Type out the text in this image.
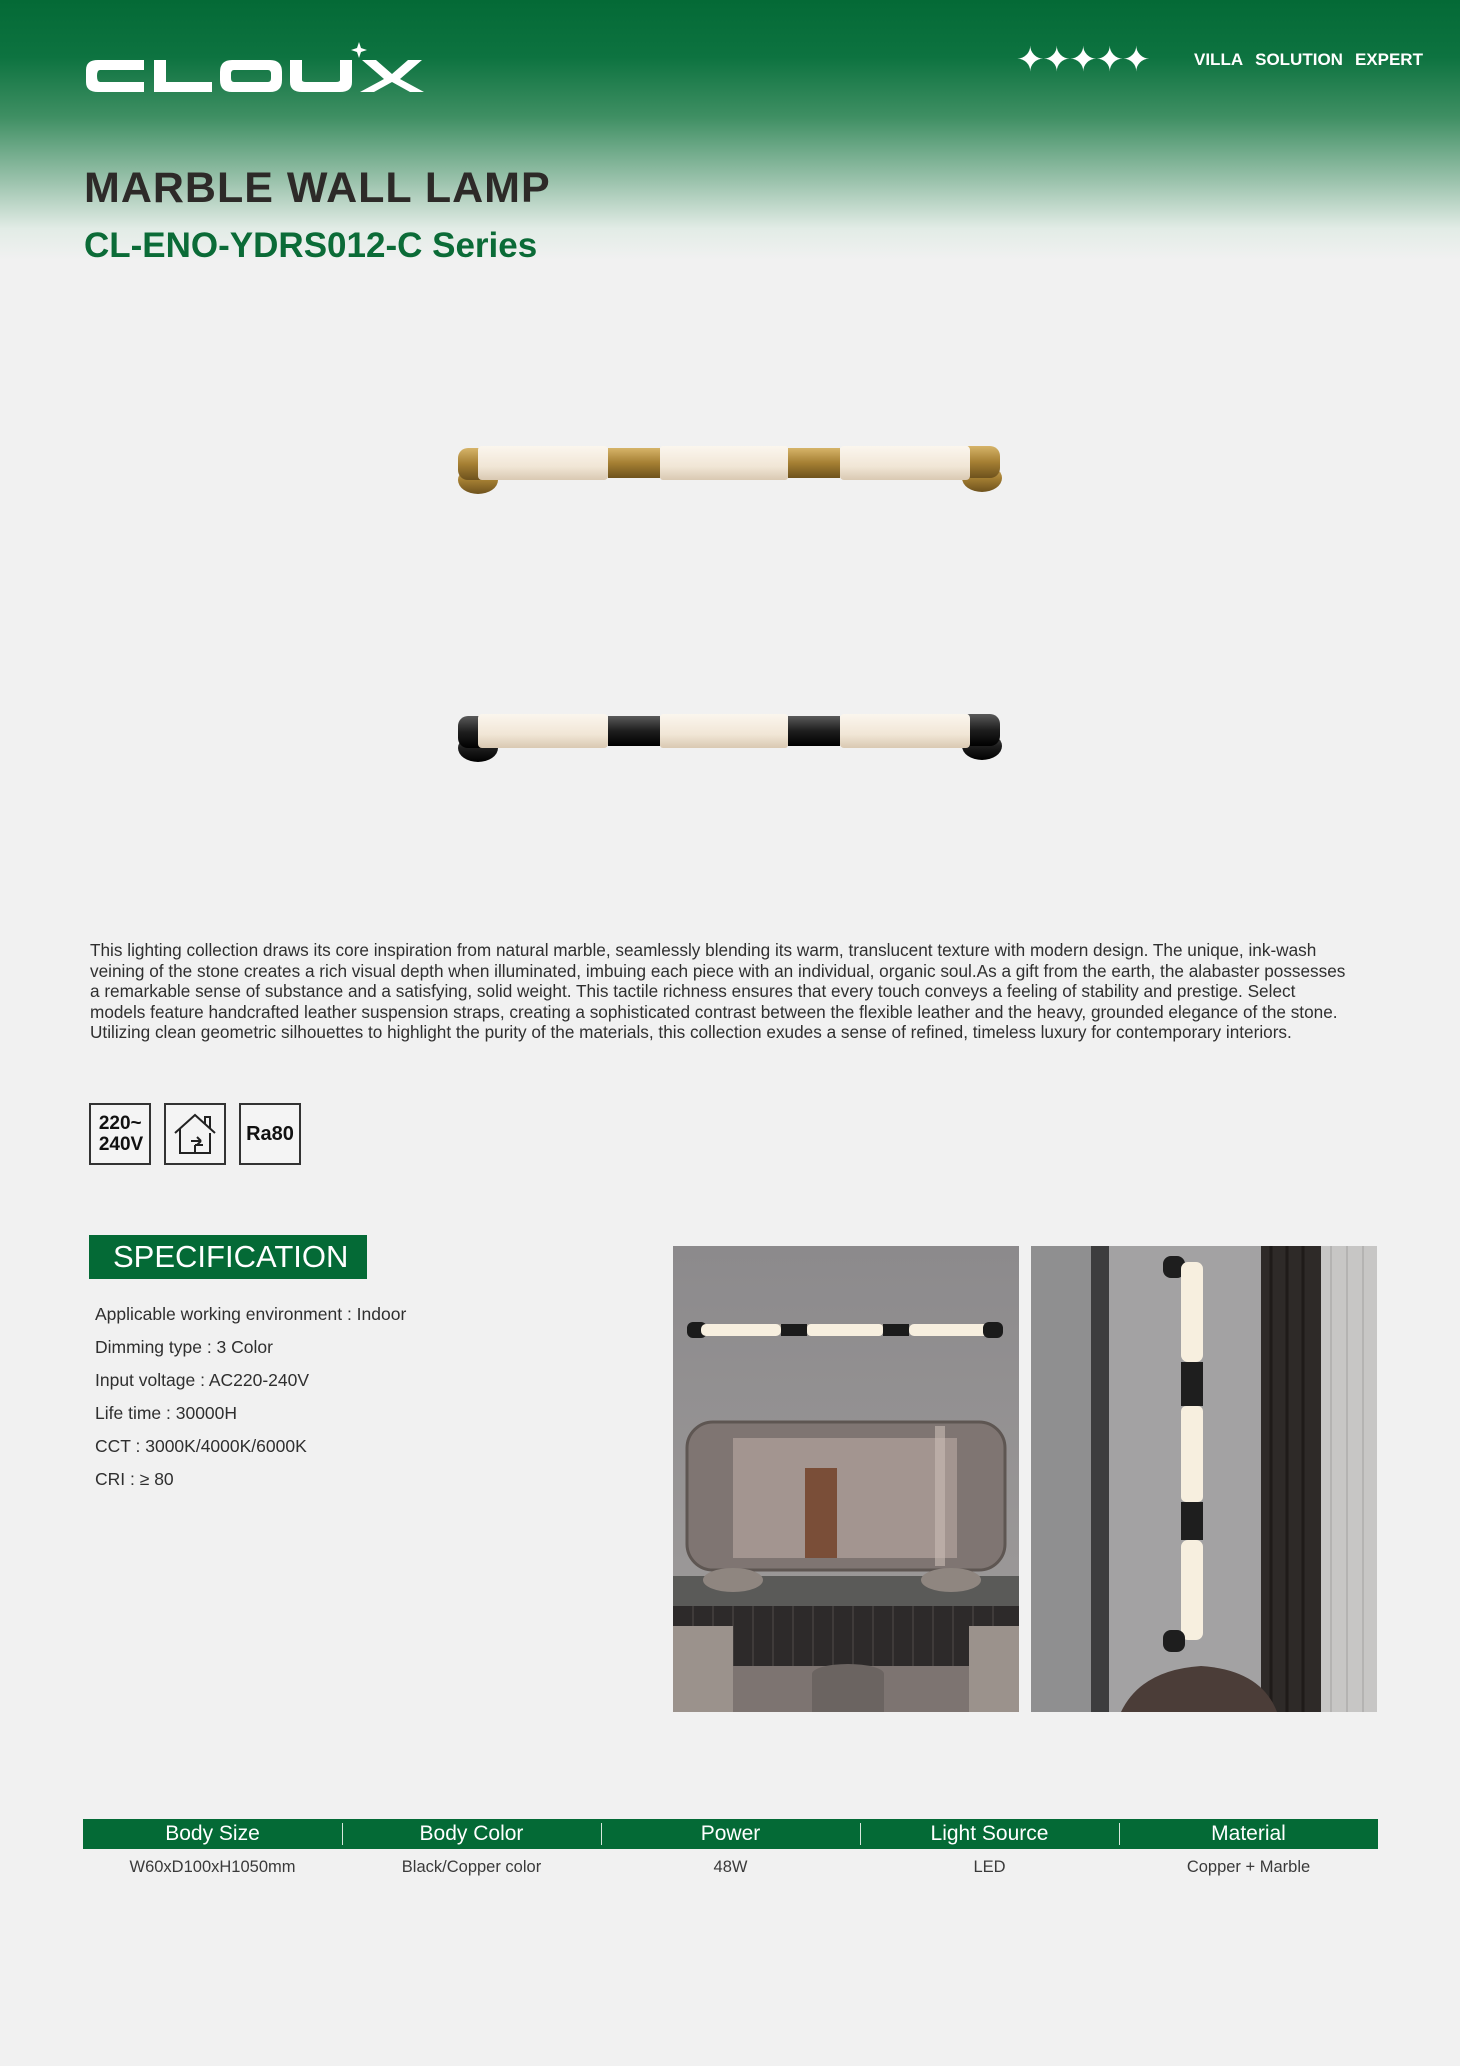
✦✦✦✦✦	VILLA SOLUTION EXPERT
MARBLE WALL LAMP
CL-ENO-YDRS012-C Series

This lighting collection draws its core inspiration from natural marble, seamlessly blending its warm, translucent texture with modern design. The unique, ink-wash veining of the stone creates a rich visual depth when illuminated, imbuing each piece with an individual, organic soul.As a gift from the earth, the alabaster possesses a remarkable sense of substance and a satisfying, solid weight. This tactile richness ensures that every touch conveys a feeling of stability and prestige. Select models feature handcrafted leather suspension straps, creating a sophisticated contrast between the flexible leather and the heavy, grounded elegance of the stone. Utilizing clean geometric silhouettes to highlight the purity of the materials, this collection exudes a sense of refined, timeless luxury for contemporary interiors.

220~
240V	Ra80
SPECIFICATION
Applicable working environment : Indoor
Dimming type : 3 Color
Input voltage : AC220-240V
Life time : 30000H
CCT : 3000K/4000K/6000K
CRI : ≥ 80
Body Size	Body Color	Power	Light Source	Material
W60xD100xH1050mm	Black/Copper color	48W	LED	Copper + Marble
